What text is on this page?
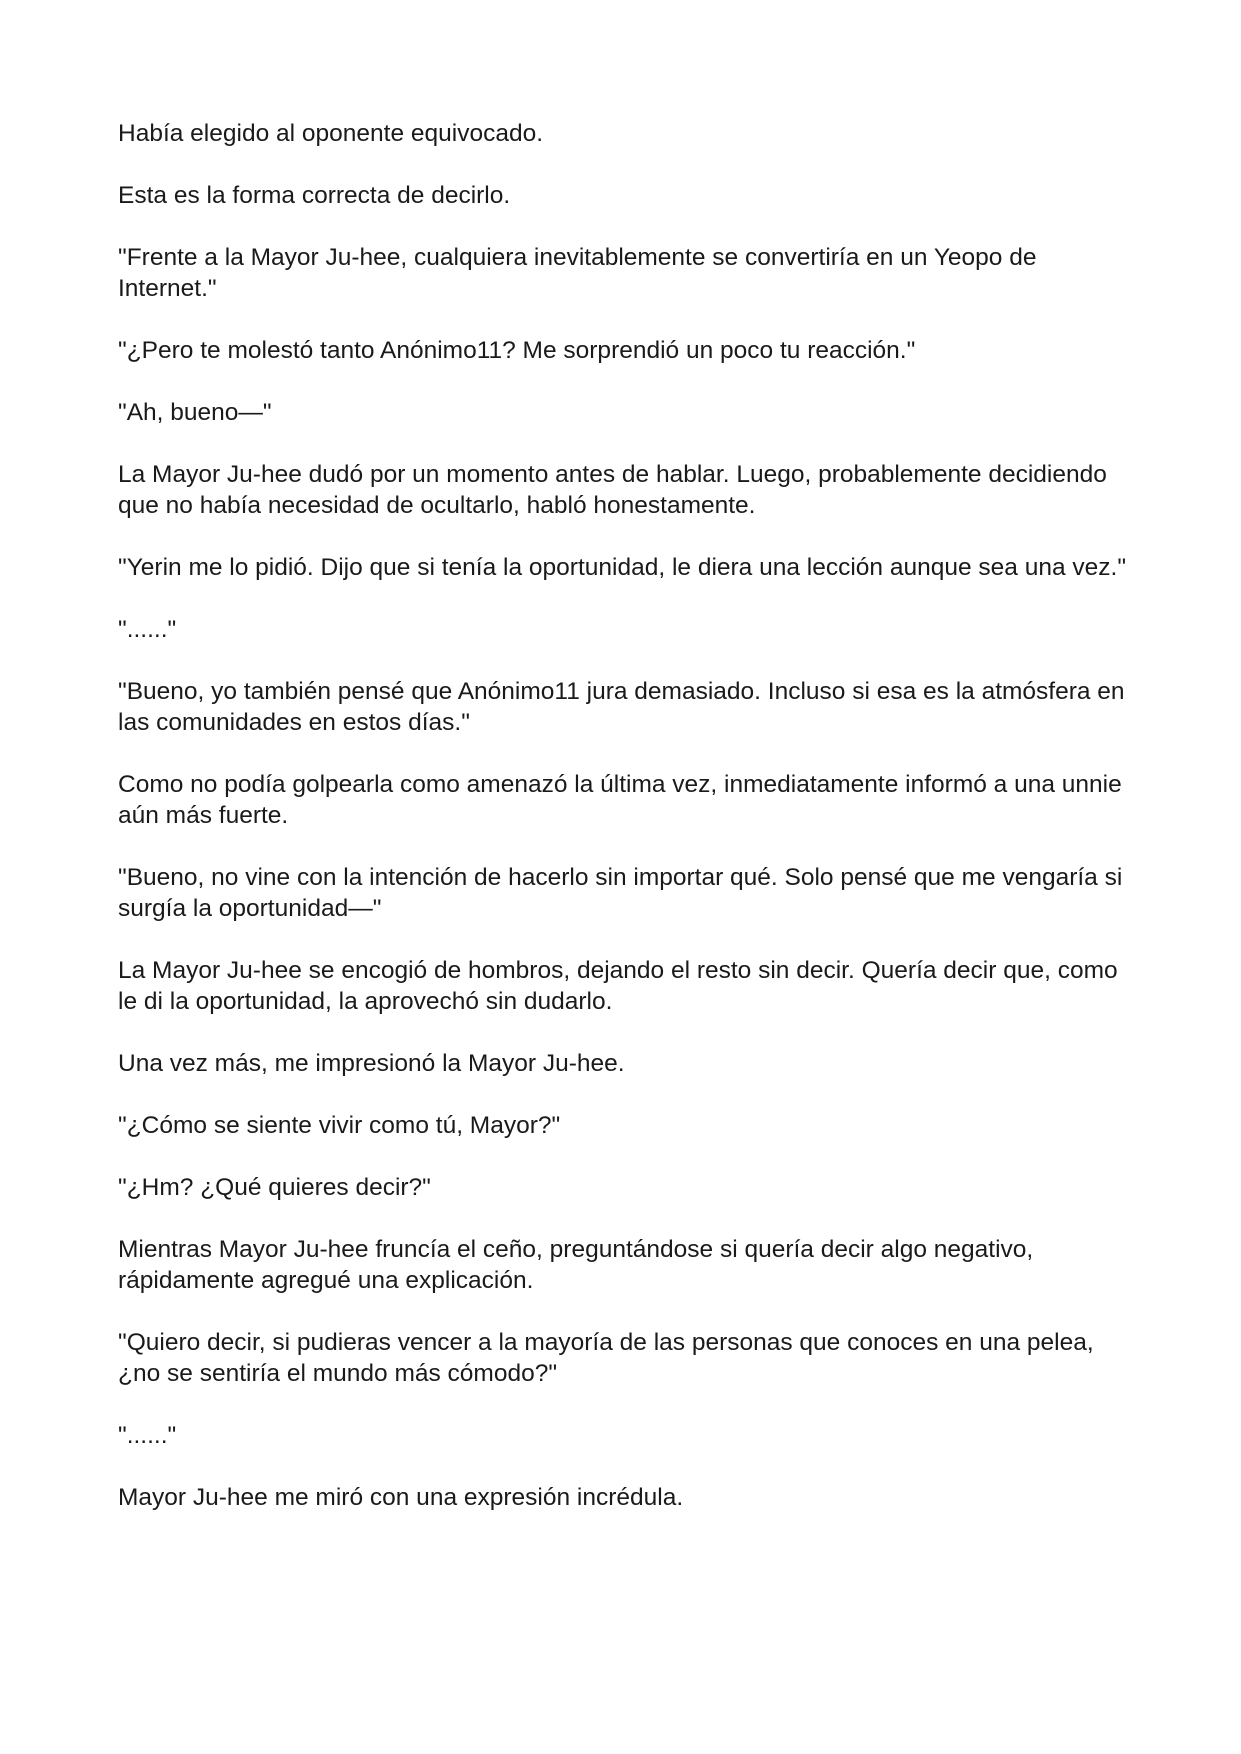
Había elegido al oponente equivocado.

Esta es la forma correcta de decirlo.

"Frente a la Mayor Ju-hee, cualquiera inevitablemente se convertiría en un Yeopo de Internet."

"¿Pero te molestó tanto Anónimo11? Me sorprendió un poco tu reacción."

"Ah, bueno—"

La Mayor Ju-hee dudó por un momento antes de hablar. Luego, probablemente decidiendo que no había necesidad de ocultarlo, habló honestamente.

"Yerin me lo pidió. Dijo que si tenía la oportunidad, le diera una lección aunque sea una vez."

"......"

"Bueno, yo también pensé que Anónimo11 jura demasiado. Incluso si esa es la atmósfera en las comunidades en estos días."

Como no podía golpearla como amenazó la última vez, inmediatamente informó a una unnie aún más fuerte.

"Bueno, no vine con la intención de hacerlo sin importar qué. Solo pensé que me vengaría si surgía la oportunidad—"

La Mayor Ju-hee se encogió de hombros, dejando el resto sin decir. Quería decir que, como le di la oportunidad, la aprovechó sin dudarlo.

Una vez más, me impresionó la Mayor Ju-hee.

"¿Cómo se siente vivir como tú, Mayor?"

"¿Hm? ¿Qué quieres decir?"

Mientras Mayor Ju-hee fruncía el ceño, preguntándose si quería decir algo negativo, rápidamente agregué una explicación.

"Quiero decir, si pudieras vencer a la mayoría de las personas que conoces en una pelea, ¿no se sentiría el mundo más cómodo?"

"......"

Mayor Ju-hee me miró con una expresión incrédula.
